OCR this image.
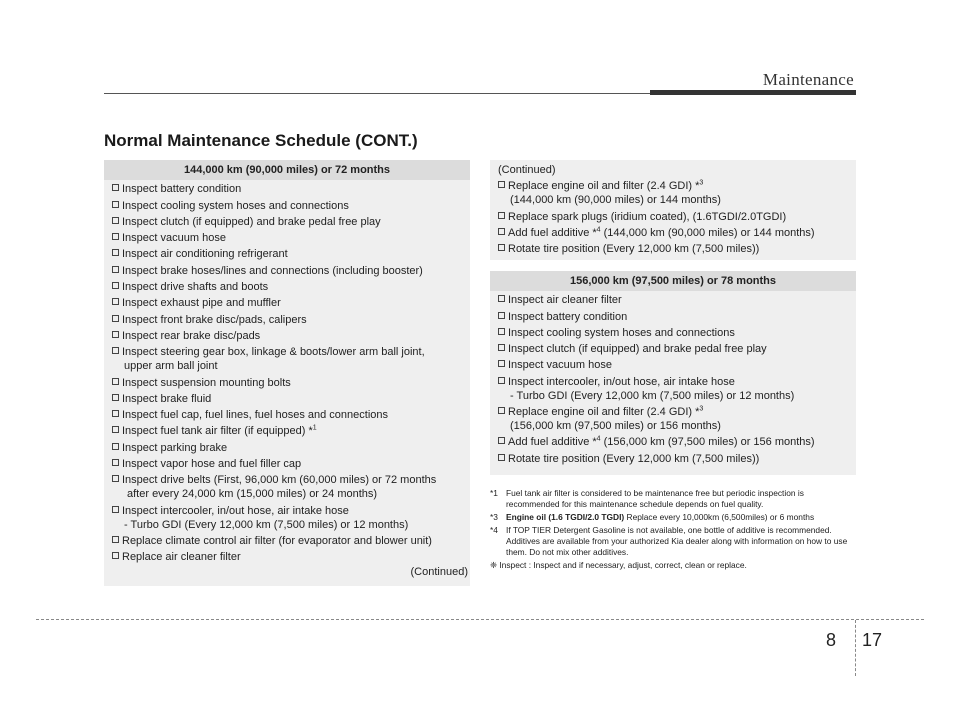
Maintenance
Normal Maintenance Schedule (CONT.)
144,000 km (90,000 miles) or 72 months
Inspect battery condition
Inspect cooling system hoses and connections
Inspect clutch (if equipped) and brake pedal free play
Inspect vacuum hose
Inspect air conditioning refrigerant
Inspect brake hoses/lines and connections (including booster)
Inspect drive shafts and boots
Inspect exhaust pipe and muffler
Inspect front brake disc/pads, calipers
Inspect rear brake disc/pads
Inspect steering gear box, linkage & boots/lower arm ball joint,
upper arm ball joint
Inspect suspension mounting bolts
Inspect brake fluid
Inspect fuel cap, fuel lines, fuel hoses and connections
Inspect fuel tank air filter (if equipped) *$^1$
Inspect parking brake
Inspect vapor hose and fuel filler cap
Inspect drive belts (First, 96,000 km (60,000 miles) or 72 months
after every 24,000 km (15,000 miles) or 24 months)
Inspect intercooler, in/out hose, air intake hose
- Turbo GDI (Every 12,000 km (7,500 miles) or 12 months)
Replace climate control air filter (for evaporator and blower unit)
Replace air cleaner filter
(Continued)
(Continued)
Replace engine oil and filter (2.4 GDI) *$^3$
(144,000 km (90,000 miles) or 144 months)
Replace spark plugs (iridium coated), (1.6TGDI/2.0TGDI)
Add fuel additive *$^4$ (144,000 km (90,000 miles) or 144 months)
Rotate tire position (Every 12,000 km (7,500 miles))
156,000 km (97,500 miles) or 78 months
Inspect air cleaner filter
Inspect battery condition
Inspect cooling system hoses and connections
Inspect clutch (if equipped) and brake pedal free play
Inspect vacuum hose
Inspect intercooler, in/out hose, air intake hose
- Turbo GDI (Every 12,000 km (7,500 miles) or 12 months)
Replace engine oil and filter (2.4 GDI) *$^3$
(156,000 km (97,500 miles) or 156 months)
Add fuel additive *$^4$ (156,000 km (97,500 miles) or 156 months)
Rotate tire position (Every 12,000 km (7,500 miles))
*1 Fuel tank air filter is considered to be maintenance free but periodic inspection is recommended for this maintenance schedule depends on fuel quality.
*3 Engine oil (1.6 TGDI/2.0 TGDI) Replace every 10,000km (6,500miles) or 6 months
*4 If TOP TIER Detergent Gasoline is not available, one bottle of additive is recommended. Additives are available from your authorized Kia dealer along with information on how to use them. Do not mix other additives.
❈ Inspect : Inspect and if necessary, adjust, correct, clean or replace.
8 17
